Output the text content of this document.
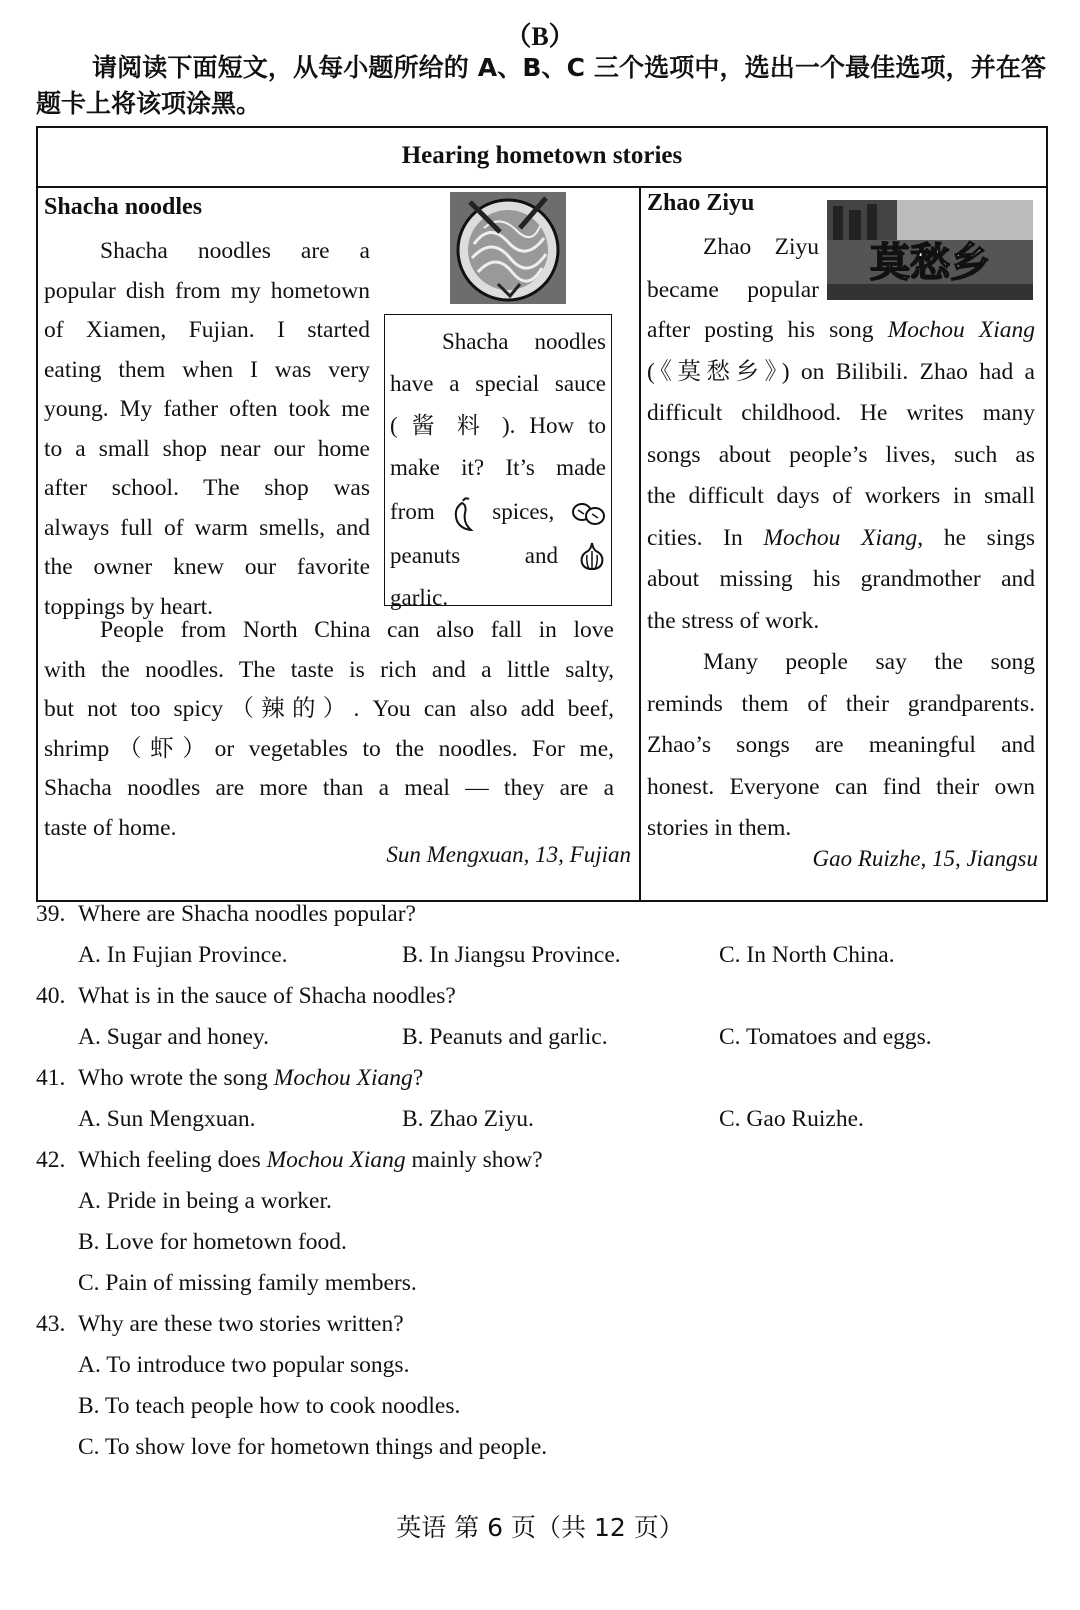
（B）
请阅读下面短文，从每小题所给的 A、B、C 三个选项中，选出一个最佳选项，并在答题卡上将该项涂黑。
Hearing hometown stories
Shacha noodles

Shacha noodles are a
popular dish from my hometown
of Xiamen, Fujian. I started
eating them when I was very
young. My father often took me
to a small shop near our home
after school. The shop was
always full of warm smells, and
the owner knew our favorite
toppings by heart.

Shacha noodles
have a special sauce
( 酱 料 ). How to
make it? It’s made
from	spices,
peanuts and
garlic.

People from North China can also fall in love
with the noodles. The taste is rich and a little salty,
but not too spicy（辣的）. You can also add beef,
shrimp（虾）or vegetables to the noodles. For me,
Shacha noodles are more than a meal — they are a
taste of home.

Sun Mengxuan, 13, Fujian
Zhao Ziyu
莫愁乡

Zhao Ziyu
became popular

after posting his song Mochou Xiang
(《莫愁乡》) on Bilibili. Zhao had a
difficult childhood. He writes many
songs about people’s lives, such as
the difficult days of workers in small
cities. In Mochou Xiang, he sings
about missing his grandmother and
the stress of work.

Many people say the song
reminds them of their grandparents.
Zhao’s songs are meaningful and
honest. Everyone can find their own
stories in them.

Gao Ruizhe, 15, Jiangsu
39. Where are Shacha noodles popular?
A. In Fujian Province.	B. In Jiangsu Province.	C. In North China.
40. What is in the sauce of Shacha noodles?
A. Sugar and honey.	B. Peanuts and garlic.	C. Tomatoes and eggs.
41. Who wrote the song Mochou Xiang?
A. Sun Mengxuan.	B. Zhao Ziyu.	C. Gao Ruizhe.
42. Which feeling does Mochou Xiang mainly show?
A. Pride in being a worker.
B. Love for hometown food.
C. Pain of missing family members.
43. Why are these two stories written?
A. To introduce two popular songs.
B. To teach people how to cook noodles.
C. To show love for hometown things and people.
英语 第 6 页（共 12 页）
